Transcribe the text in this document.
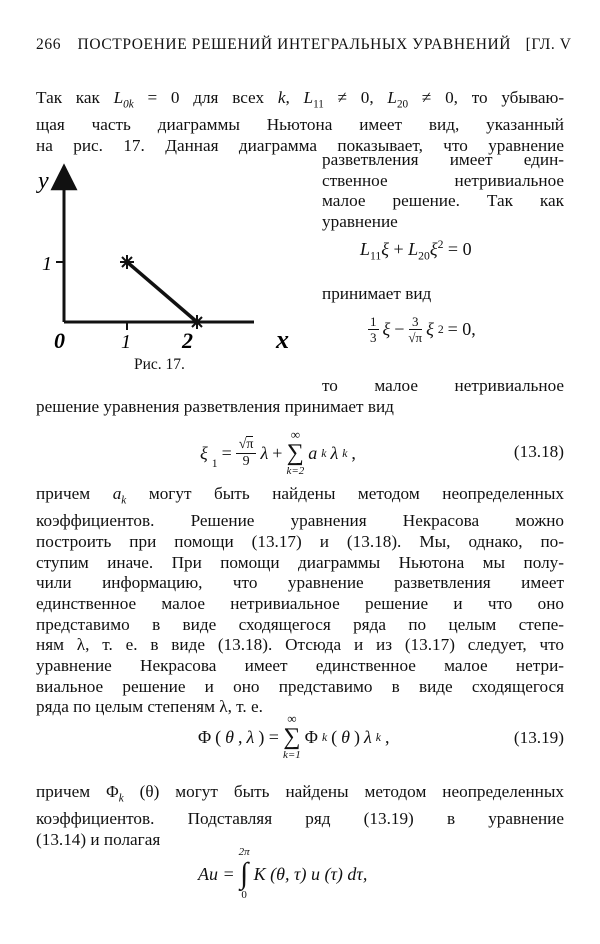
266 ПОСТРОЕНИЕ РЕШЕНИЙ ИНТЕГРАЛЬНЫХ УРАВНЕНИЙ [ГЛ. V
Так как $L_{0k} = 0$ для всех k, $L_{11} \ne 0$, $L_{20} \ne 0$, то убываю-
щая часть диаграммы Ньютона имеет вид, указанный
на рис. 17. Данная диаграмма показывает, что уравнение
y
1
0	1 2	x
Рис. 17.
разветвления имеет един-
ственное нетривиальное
малое решение. Так как
уравнение
$L_{11}\xi + L_{20}\xi^2 = 0$
принимает вид
1
3 $\xi - \frac{3}{√\pi}$ ξ 2 = 0,
то малое нетривиальное
решение уравнения разветвления принимает вид
ξ
$_1$
= $\frac{√\pi}{9}$ λ +
∞
∑
k=2
a k λ k ,	(13.18)
причем $a_k$ могут быть найдены методом неопределенных
коэффициентов. Решение уравнения Некрасова можно
построить при помощи (13.17) и (13.18). Мы, однако, по-
ступим иначе. При помощи диаграммы Ньютона мы полу-
чили информацию, что уравнение разветвления имеет
единственное малое нетривиальное решение и что оно
представимо в виде сходящегося ряда по целым степе-
ням λ, т. е. в виде (13.18). Отсюда и из (13.17) следует, что
уравнение Некрасова имеет единственное малое нетри-
виальное решение и оно представимо в виде сходящегося
ряда по целым степеням λ, т. е.
Φ ( θ , λ ) =
∞
∑
k=1
Φ k ( θ ) λ k ,	(13.19)
причем $\Phi_k$ (θ) могут быть найдены методом неопределенных
коэффициентов. Подставляя ряд (13.19) в уравнение
(13.14) и полагая
Au =
2π
∫
0
K (θ, τ) u (τ) dτ,
